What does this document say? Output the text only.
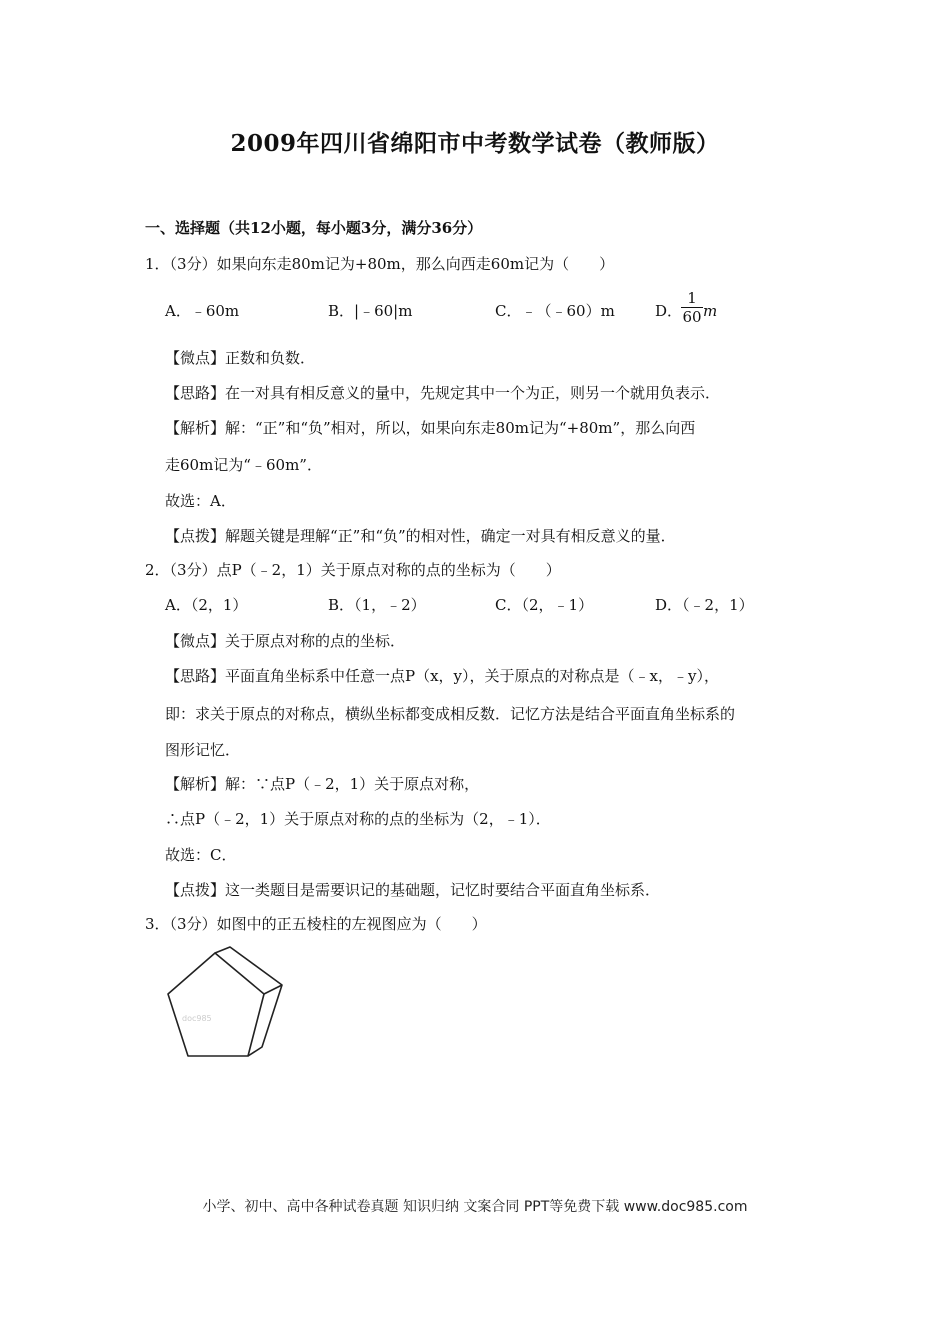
2009年四川省绵阳市中考数学试卷（教师版）
一、选择题（共12小题，每小题3分，满分36分）
1．（3分）如果向东走80m记为+80m，那么向西走60m记为（　　）
A．﹣60m	B．|﹣60|m	C．﹣（﹣60）m	D．
$\frac{1}{60}$ m
【微点】正数和负数．
【思路】在一对具有相反意义的量中，先规定其中一个为正，则另一个就用负表示．
【解析】解：“正”和“负”相对，所以，如果向东走80m记为“+80m”，那么向西
走60m记为“﹣60m”．
故选：A．
【点拨】解题关键是理解“正”和“负”的相对性，确定一对具有相反意义的量．
2．（3分）点P（﹣2，1）关于原点对称的点的坐标为（　　）
A．（2，1）	B．（1，﹣2）	C．（2，﹣1）	D．（﹣2，1）
【微点】关于原点对称的点的坐标．
【思路】平面直角坐标系中任意一点P（x，y），关于原点的对称点是（﹣x，﹣y），
即：求关于原点的对称点，横纵坐标都变成相反数．记忆方法是结合平面直角坐标系的
图形记忆．
【解析】解：∵点P（﹣2，1）关于原点对称，
∴点P（﹣2，1）关于原点对称的点的坐标为（2，﹣1）．
故选：C．
【点拨】这一类题目是需要识记的基础题，记忆时要结合平面直角坐标系．
3．（3分）如图中的正五棱柱的左视图应为（　　）
doc985
小学、初中、高中各种试卷真题 知识归纳 文案合同 PPT等免费下载 www.doc985.com
